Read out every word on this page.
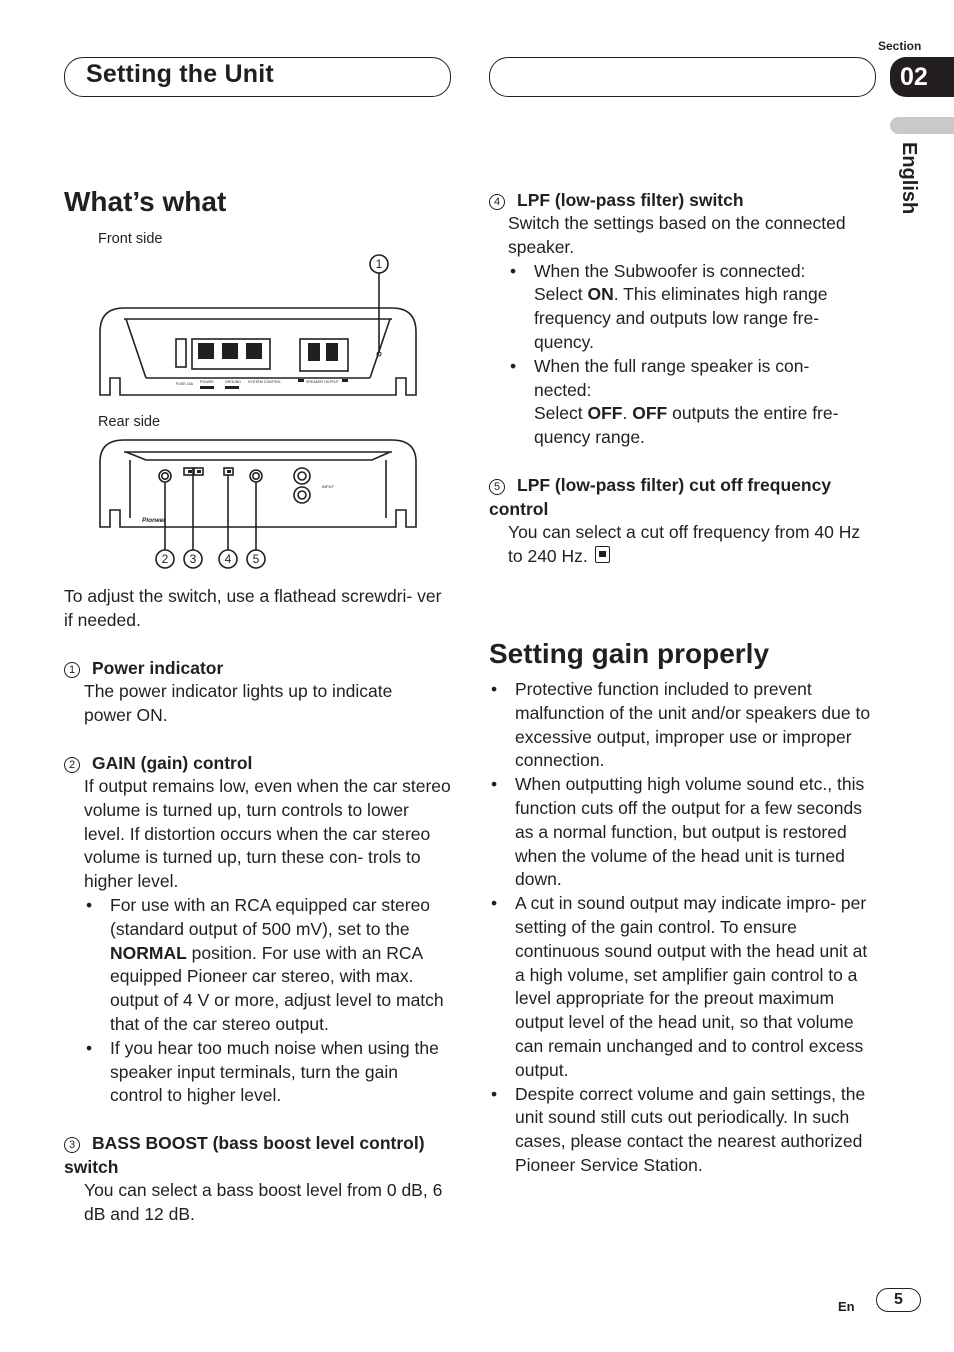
Setting the Unit
Section
02
English
What’s what
Front side
1
FUSE 15A POWER	GROUND SYSTEM CONTROL	SPEAKER OUTPUT
Rear side
INPUT
Pioneer
2 3 4 5
To adjust the switch, use a flathead screwdri- ver if needed.
1 Power indicator
The power indicator lights up to indicate power ON.
2 GAIN (gain) control
If output remains low, even when the car stereo volume is turned up, turn controls to lower level. If distortion occurs when the car stereo volume is turned up, turn these con- trols to higher level.
• For use with an RCA equipped car stereo (standard output of 500 mV), set to the NORMAL position. For use with an RCA equipped Pioneer car stereo, with max. output of 4 V or more, adjust level to match that of the car stereo output.
• If you hear too much noise when using the speaker input terminals, turn the gain control to higher level.
3 BASS BOOST (bass boost level control) switch
You can select a bass boost level from 0 dB, 6 dB and 12 dB.
4 LPF (low-pass filter) switch
Switch the settings based on the connected speaker.
• When the Subwoofer is connected: Select ON. This eliminates high range frequency and outputs low range fre- quency.
• When the full range speaker is con- nected:
Select OFF. OFF outputs the entire fre- quency range.
5 LPF (low-pass filter) cut off frequency control
You can select a cut off frequency from 40 Hz to 240 Hz.
Setting gain properly
• Protective function included to prevent malfunction of the unit and/or speakers due to excessive output, improper use or improper connection.
• When outputting high volume sound etc., this function cuts off the output for a few seconds as a normal function, but output is restored when the volume of the head unit is turned down.
• A cut in sound output may indicate impro- per setting of the gain control. To ensure continuous sound output with the head unit at a high volume, set amplifier gain control to a level appropriate for the preout maximum output level of the head unit, so that volume can remain unchanged and to control excess output.
• Despite correct volume and gain settings, the unit sound still cuts out periodically. In such cases, please contact the nearest authorized Pioneer Service Station.
En	5
